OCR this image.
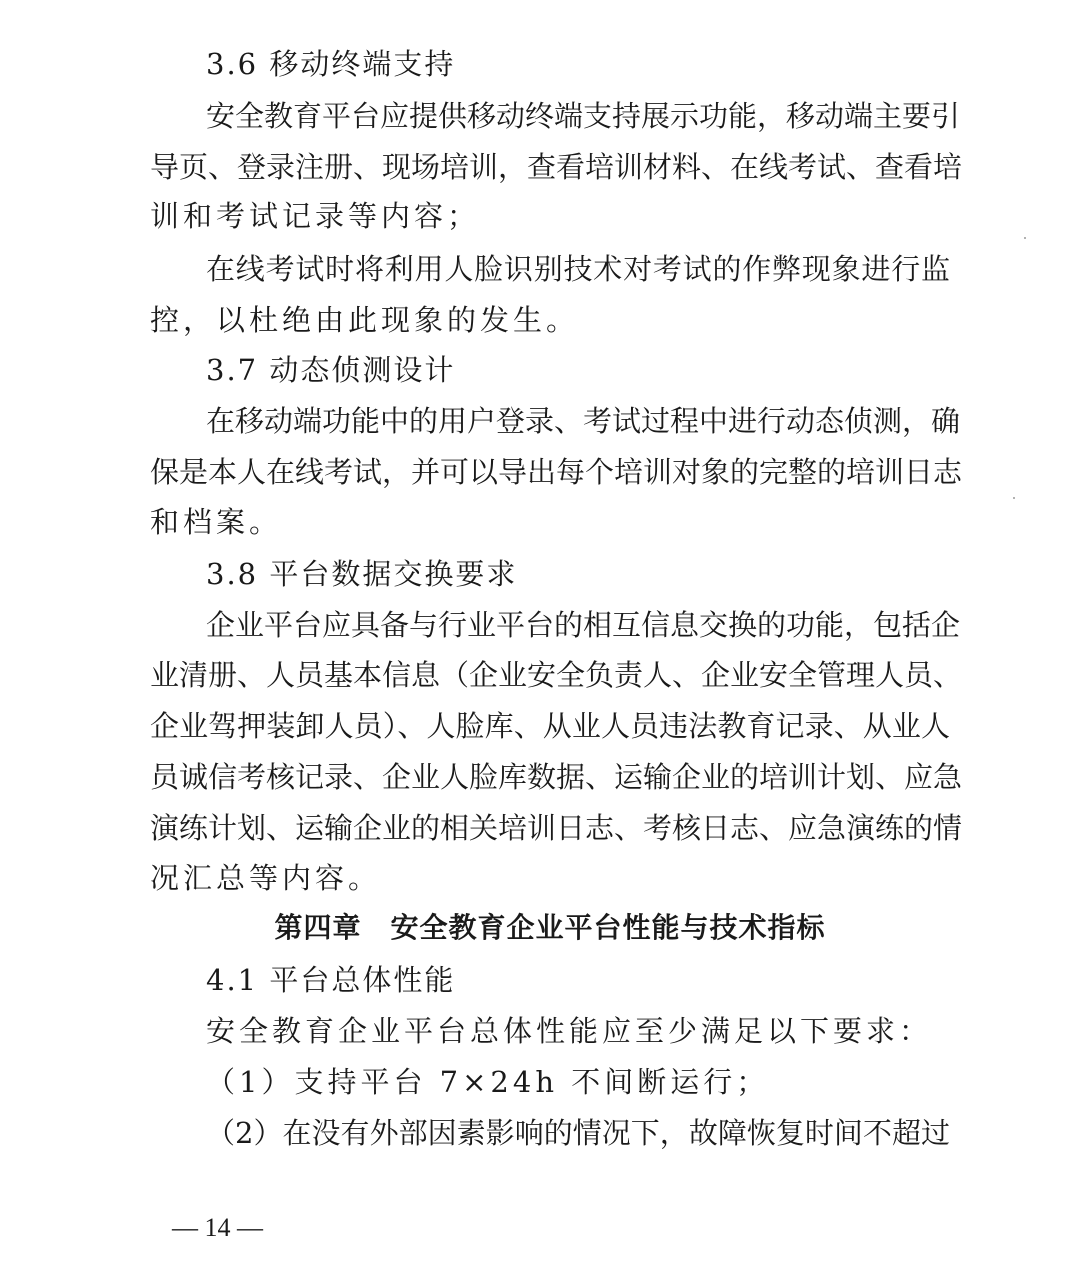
3.6 移动终端支持
安全教育平台应提供移动终端支持展示功能，移动端主要引
导页、登录注册、现场培训，查看培训材料、在线考试、查看培
训和考试记录等内容；
在线考试时将利用人脸识别技术对考试的作弊现象进行监
控，以杜绝由此现象的发生。
3.7 动态侦测设计
在移动端功能中的用户登录、考试过程中进行动态侦测，确
保是本人在线考试，并可以导出每个培训对象的完整的培训日志
和档案。
3.8 平台数据交换要求
企业平台应具备与行业平台的相互信息交换的功能，包括企
业清册、人员基本信息（企业安全负责人、企业安全管理人员、
企业驾押装卸人员）、人脸库、从业人员违法教育记录、从业人
员诚信考核记录、企业人脸库数据、运输企业的培训计划、应急
演练计划、运输企业的相关培训日志、考核日志、应急演练的情
况汇总等内容。
第四章　安全教育企业平台性能与技术指标
4.1 平台总体性能
安全教育企业平台总体性能应至少满足以下要求：
（1）支持平台 7×24h 不间断运行；
（2）在没有外部因素影响的情况下，故障恢复时间不超过
— 14 —
